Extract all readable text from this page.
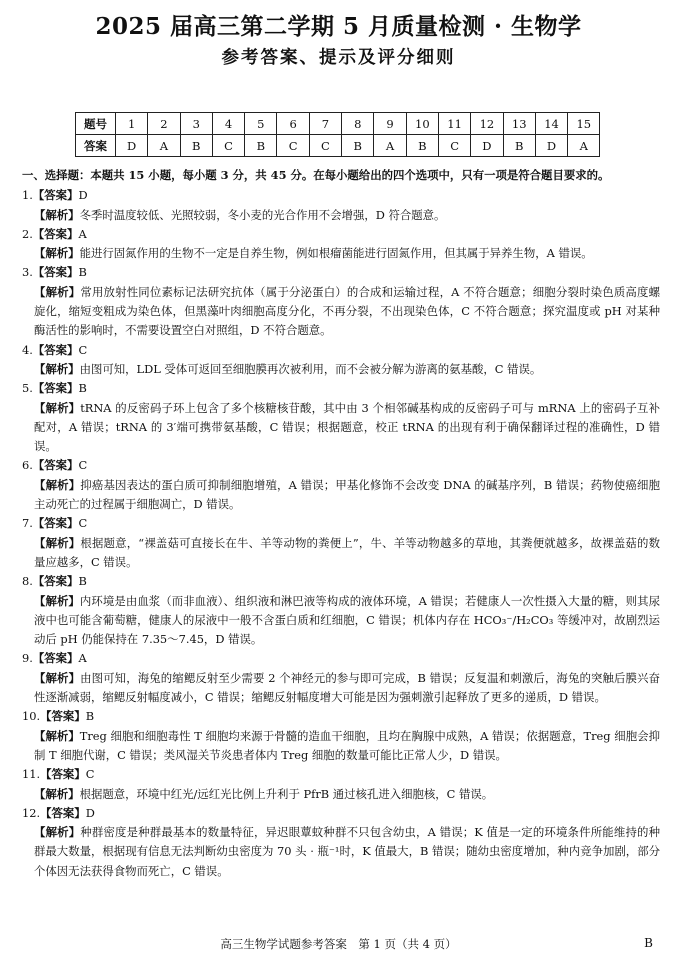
2025 届高三第二学期 5 月质量检测 · 生物学
参考答案、提示及评分细则
题号	1	2	3	4	5	6	7	8	9	10	11	12	13	14	15
答案	D	A	B	C	B	C	C	B	A	B	C	D	B	D	A
一、选择题：本题共 15 小题，每小题 3 分，共 45 分。在每小题给出的四个选项中，只有一项是符合题目要求的。
1.【答案】D
【解析】冬季时温度较低、光照较弱，冬小麦的光合作用不会增强，D 符合题意。
2.【答案】A
【解析】能进行固氮作用的生物不一定是自养生物，例如根瘤菌能进行固氮作用，但其属于异养生物，A 错误。
3.【答案】B
【解析】常用放射性同位素标记法研究抗体（属于分泌蛋白）的合成和运输过程，A 不符合题意；细胞分裂时染色质高度螺旋化，缩短变粗成为染色体，但黑藻叶肉细胞高度分化，不再分裂，不出现染色体，C 不符合题意；探究温度或 pH 对某种酶活性的影响时，不需要设置空白对照组，D 不符合题意。
4.【答案】C
【解析】由图可知，LDL 受体可返回至细胞膜再次被利用，而不会被分解为游离的氨基酸，C 错误。
5.【答案】B
【解析】tRNA 的反密码子环上包含了多个核糖核苷酸，其中由 3 个相邻碱基构成的反密码子可与 mRNA 上的密码子互补配对，A 错误；tRNA 的 3′端可携带氨基酸，C 错误；根据题意，校正 tRNA 的出现有利于确保翻译过程的准确性，D 错误。
6.【答案】C
【解析】抑癌基因表达的蛋白质可抑制细胞增殖，A 错误；甲基化修饰不会改变 DNA 的碱基序列，B 错误；药物使癌细胞主动死亡的过程属于细胞凋亡，D 错误。
7.【答案】C
【解析】根据题意，“裸盖菇可直接长在牛、羊等动物的粪便上”，牛、羊等动物越多的草地，其粪便就越多，故裸盖菇的数量应越多，C 错误。
8.【答案】B
【解析】内环境是由血浆（而非血液）、组织液和淋巴液等构成的液体环境，A 错误；若健康人一次性摄入大量的糖，则其尿液中也可能含葡萄糖，健康人的尿液中一般不含蛋白质和红细胞，C 错误；机体内存在 HCO₃⁻/H₂CO₃ 等缓冲对，故剧烈运动后 pH 仍能保持在 7.35～7.45，D 错误。
9.【答案】A
【解析】由图可知，海兔的缩鳃反射至少需要 2 个神经元的参与即可完成，B 错误；反复温和刺激后，海兔的突触后膜兴奋性逐渐减弱，缩鳃反射幅度减小，C 错误；缩鳃反射幅度增大可能是因为强刺激引起释放了更多的递质，D 错误。
10.【答案】B
【解析】Treg 细胞和细胞毒性 T 细胞均来源于骨髓的造血干细胞，且均在胸腺中成熟，A 错误；依据题意，Treg 细胞会抑制 T 细胞代谢，C 错误；类风湿关节炎患者体内 Treg 细胞的数量可能比正常人少，D 错误。
11.【答案】C
【解析】根据题意，环境中红光/远红光比例上升利于 PfrB 通过核孔进入细胞核，C 错误。
12.【答案】D
【解析】种群密度是种群最基本的数量特征，异迟眼蕈蚊种群不只包含幼虫，A 错误；K 值是一定的环境条件所能维持的种群最大数量，根据现有信息无法判断幼虫密度为 70 头 · 瓶⁻¹时，K 值最大，B 错误；随幼虫密度增加，种内竞争加剧，部分个体因无法获得食物而死亡，C 错误。
高三生物学试题参考答案　第 1 页（共 4 页）	B
